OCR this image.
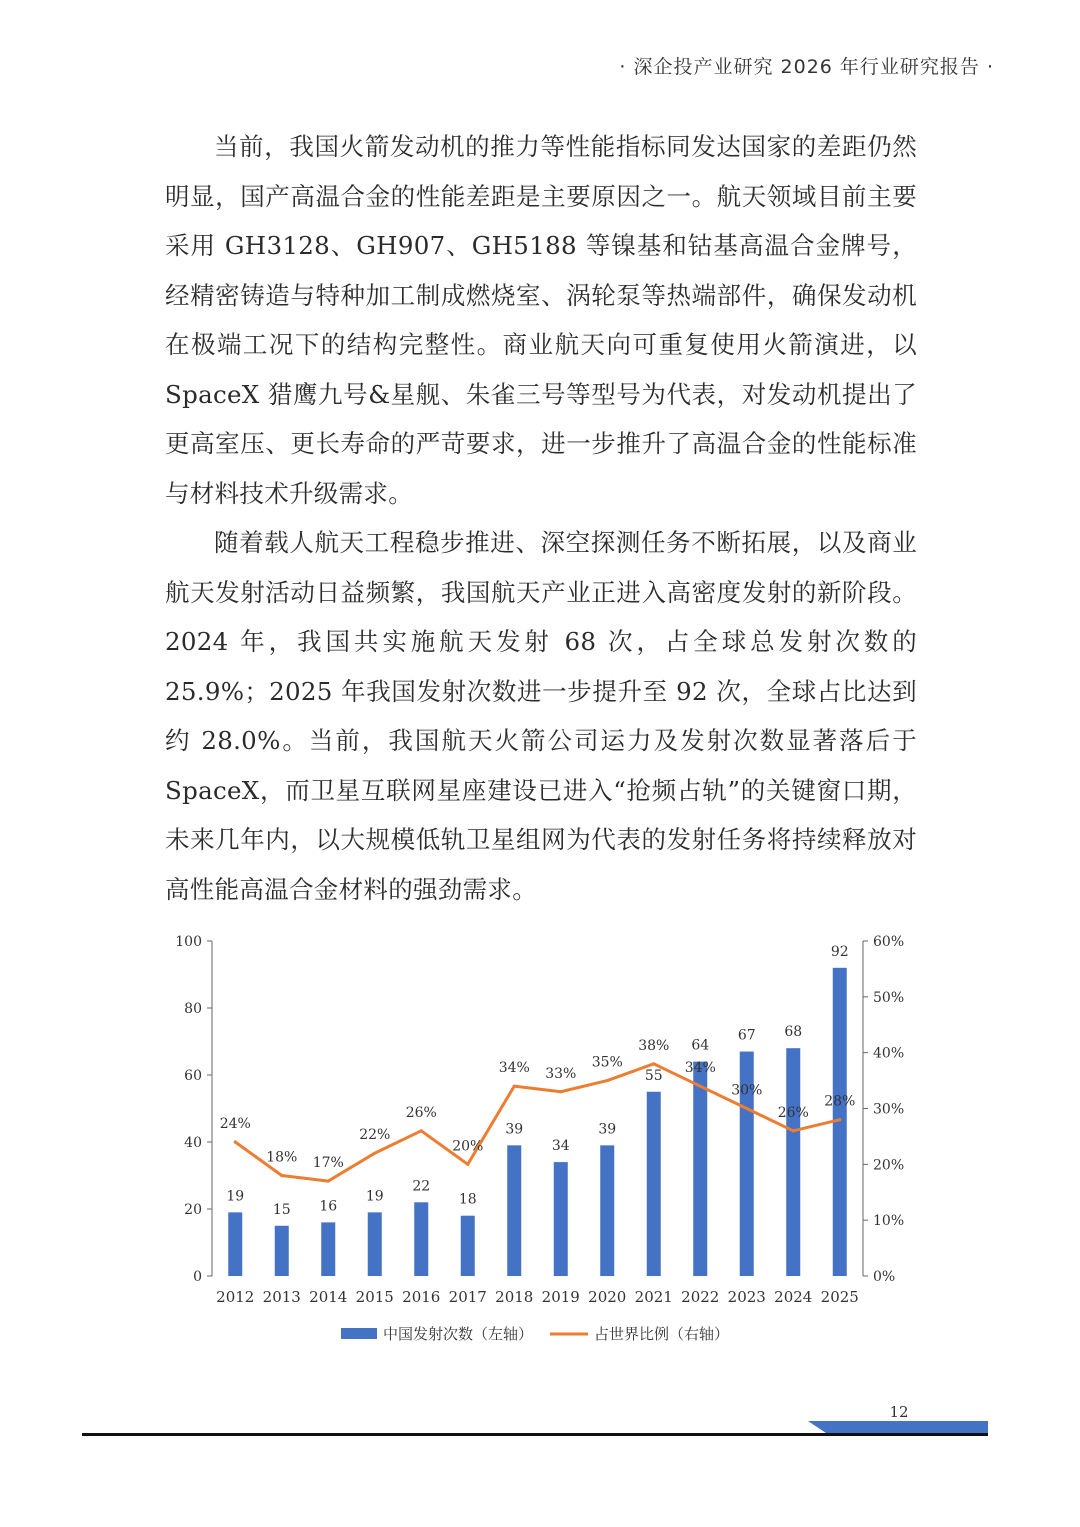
· 深企投产业研究 2026 年行业研究报告 ·

当前，我国火箭发动机的推力等性能指标同发达国家的差距仍然明显，国产高温合金的性能差距是主要原因之一。航天领域目前主要采用 GH3128、GH907、GH5188 等镍基和钴基高温合金牌号，经精密铸造与特种加工制成燃烧室、涡轮泵等热端部件，确保发动机在极端工况下的结构完整性。商业航天向可重复使用火箭演进，以 SpaceX 猎鹰九号&星舰、朱雀三号等型号为代表，对发动机提出了更高室压、更长寿命的严苛要求，进一步推升了高温合金的性能标准与材料技术升级需求。

随着载人航天工程稳步推进、深空探测任务不断拓展，以及商业航天发射活动日益频繁，我国航天产业正进入高密度发射的新阶段。2024 年，我国共实施航天发射 68 次，占全球总发射次数的 25.9%；2025 年我国发射次数进一步提升至 92 次，全球占比达到约 28.0%。当前，我国航天火箭公司运力及发射次数显著落后于 SpaceX，而卫星互联网星座建设已进入“抢频占轨”的关键窗口期，未来几年内，以大规模低轨卫星组网为代表的发射任务将持续释放对高性能高温合金材料的强劲需求。

0
20
40
60
80
100
0%
10%
20%
30%
40%
50%
60%
2012 2013 2014 2015 2016 2017 2018 2019 2020 2021 2022 2023 2024 2025
19
15 16
19
22
18
39
34
39
55
64
67 68
92
24%
18% 17%
22%
26%
20%
34% 33%
35%
38%
34%
30%
26%
28%
中国发射次数（左轴）	占世界比例（右轴）
12
